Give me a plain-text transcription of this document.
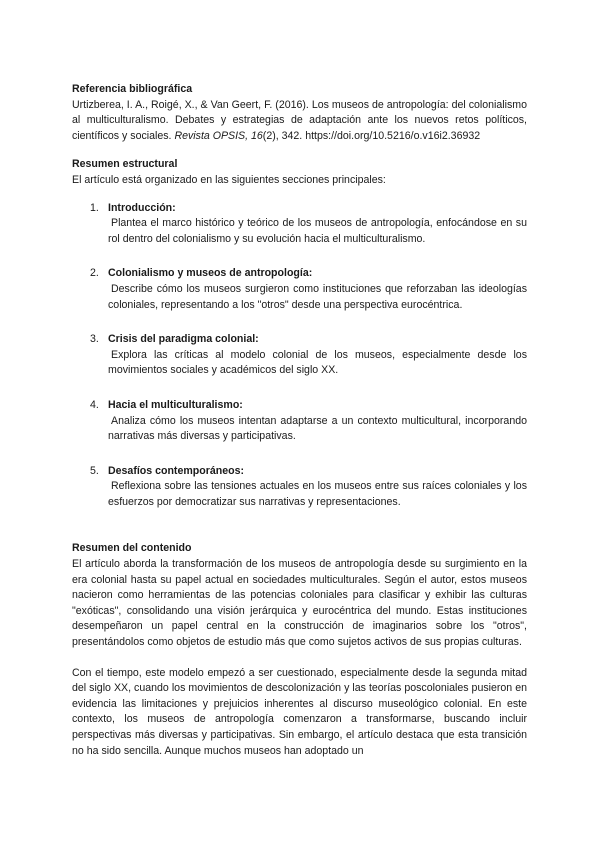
Referencia bibliográfica

Urtizberea, I. A., Roigé, X., & Van Geert, F. (2016). Los museos de antropología: del colonialismo al multiculturalismo. Debates y estrategias de adaptación ante los nuevos retos políticos, científicos y sociales. Revista OPSIS, 16(2), 342. https://doi.org/10.5216/o.v16i2.36932

Resumen estructural

El artículo está organizado en las siguientes secciones principales:

1. Introducción:
Plantea el marco histórico y teórico de los museos de antropología, enfocándose en su rol dentro del colonialismo y su evolución hacia el multiculturalismo.
2. Colonialismo y museos de antropología:
Describe cómo los museos surgieron como instituciones que reforzaban las ideologías coloniales, representando a los "otros" desde una perspectiva eurocéntrica.
3. Crisis del paradigma colonial:
Explora las críticas al modelo colonial de los museos, especialmente desde los movimientos sociales y académicos del siglo XX.
4. Hacia el multiculturalismo:
Analiza cómo los museos intentan adaptarse a un contexto multicultural, incorporando narrativas más diversas y participativas.
5. Desafíos contemporáneos:
Reflexiona sobre las tensiones actuales en los museos entre sus raíces coloniales y los esfuerzos por democratizar sus narrativas y representaciones.

Resumen del contenido

El artículo aborda la transformación de los museos de antropología desde su surgimiento en la era colonial hasta su papel actual en sociedades multiculturales. Según el autor, estos museos nacieron como herramientas de las potencias coloniales para clasificar y exhibir las culturas "exóticas", consolidando una visión jerárquica y eurocéntrica del mundo. Estas instituciones desempeñaron un papel central en la construcción de imaginarios sobre los "otros", presentándolos como objetos de estudio más que como sujetos activos de sus propias culturas.

Con el tiempo, este modelo empezó a ser cuestionado, especialmente desde la segunda mitad del siglo XX, cuando los movimientos de descolonización y las teorías poscoloniales pusieron en evidencia las limitaciones y prejuicios inherentes al discurso museológico colonial. En este contexto, los museos de antropología comenzaron a transformarse, buscando incluir perspectivas más diversas y participativas. Sin embargo, el artículo destaca que esta transición no ha sido sencilla. Aunque muchos museos han adoptado un
